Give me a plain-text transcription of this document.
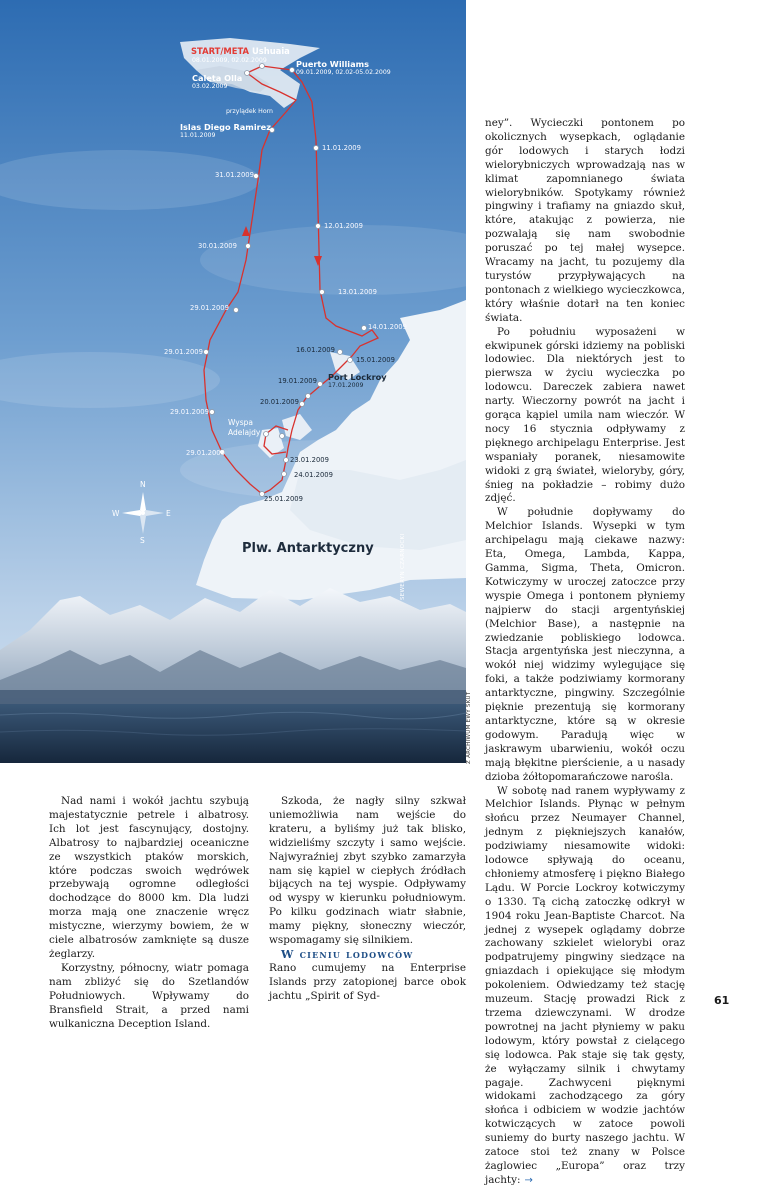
START/META Ushuaia
08.01.2009, 02.02.2009	Puerto Williams
09.01.2009, 02.02-05.02.2009
Caleta Olla
03.02.2009
przylądek Horn
Islas Diego Ramirez
11.01.2009
11.01.2009
31.01.2009
12.01.2009
30.01.2009
13.01.2009
29.01.2009
14.01.2009
29.01.2009	16.01.2009
15.01.2009
19.01.2009 Port Lockroy
17.01.2009
20.01.2009
29.01.2009
Wyspa
Adelajdy
29.01.2009
23.01.2009
24.01.2009
25.01.2009
Plw. Antarktyczny
N
S
E
W
SEWERYN CZARNOCKI
Z ARCHIWUM EWY SKUT

Nad nami i wokół jachtu szybują majestatycznie petrele i albatrosy. Ich lot jest fascynujący, dostojny. Albatrosy to najbardziej oceaniczne ze wszystkich ptaków morskich, które podczas swoich wędrówek przebywają ogromne odległości dochodzące do 8000 km. Dla ludzi morza mają one znaczenie wręcz mistyczne, wierzymy bowiem, że w ciele albatrosów zamknięte są dusze żeglarzy.

Korzystny, północny, wiatr pomaga nam zbliżyć się do Szetlandów Południowych. Wpływamy do Bransfield Strait, a przed nami wulkaniczna Deception Island.

Szkoda, że nagły silny szkwał uniemożliwia nam wejście do krateru, a byliśmy już tak blisko, widzieliśmy szczyty i samo wejście. Najwyraźniej zbyt szybko zamarzyła nam się kąpiel w ciepłych źródłach bijących na tej wyspie. Odpływamy od wyspy w kierunku południowym. Po kilku godzinach wiatr słabnie, mamy piękny, słoneczny wieczór, wspomagamy się silnikiem.

W cieniu lodowców

Rano cumujemy na Enterprise Islands przy zatopionej barce obok jachtu „Spirit of Syd-

ney”. Wycieczki pontonem po okolicznych wysepkach, oglądanie gór lodowych i starych łodzi wielorybniczych wprowadzają nas w klimat zapomnianego świata wielorybników. Spotykamy również pingwiny i trafiamy na gniazdo skuł, które, atakując z powierza, nie pozwalają się nam swobodnie poruszać po tej małej wysepce. Wracamy na jacht, tu pozujemy dla turystów przypływających na pontonach z wielkiego wycieczkowca, który właśnie dotarł na ten koniec świata.

Po południu wyposażeni w ekwipunek górski idziemy na pobliski lodowiec. Dla niektórych jest to pierwsza w życiu wycieczka po lodowcu. Dareczek zabiera nawet narty. Wieczorny powrót na jacht i gorąca kąpiel umila nam wieczór. W nocy 16 stycznia odpływamy z pięknego archipelagu Enterprise. Jest wspaniały poranek, niesamowite widoki z grą świateł, wieloryby, góry, śnieg na pokładzie – robimy dużo zdjęć.

W południe dopływamy do Melchior Islands. Wysepki w tym archipelagu mają ciekawe nazwy: Eta, Omega, Lambda, Kappa, Gamma, Sigma, Theta, Omicron. Kotwiczymy w uroczej zatoczce przy wyspie Omega i pontonem płyniemy najpierw do stacji argentyńskiej (Melchior Base), a następnie na zwiedzanie pobliskiego lodowca. Stacja argentyńska jest nieczynna, a wokół niej widzimy wylegujące się foki, a także podziwiamy kormorany antarktyczne, pingwiny. Szczególnie pięknie prezentują się kormorany antarktyczne, które są w okresie godowym. Paradują więc w jaskrawym ubarwieniu, wokół oczu mają błękitne pierścienie, a u nasady dzioba żółtopomarańczowe naroślа.

W sobotę nad ranem wypływamy z Melchior Islands. Płynąc w pełnym słońcu przez Neumayer Channel, jednym z piękniejszych kanałów, podziwiamy niesamowite widoki: lodowce spływają do oceanu, chłoniemy atmosferę i piękno Białego Lądu. W Porcie Lockroy kotwiczymy o 1330. Tą cichą zatoczkę odkrył w 1904 roku Jean-Baptiste Charcot. Na jednej z wysepek oglądamy dobrze zachowany szkielet wielorybi oraz podpatrujemy pingwiny siedzące na gniazdach i opiekujące się młodym pokoleniem. Odwiedzamy też stację muzeum. Stację prowadzi Rick z trzema dziewczynami. W drodze powrotnej na jacht płyniemy w paku lodowym, który powstał z cielącego się lodowca. Pak staje się tak gęsty, że wyłączamy silnik i chwytamy pagaje. Zachwyceni pięknymi widokami zachodzącego za góry słońca i odbiciem w wodzie jachtów kotwiczących w zatoce powoli suniemy do burty naszego jachtu. W zatoce stoi też znany w Polsce żaglowiec „Europa” oraz trzy jachty: →

61
